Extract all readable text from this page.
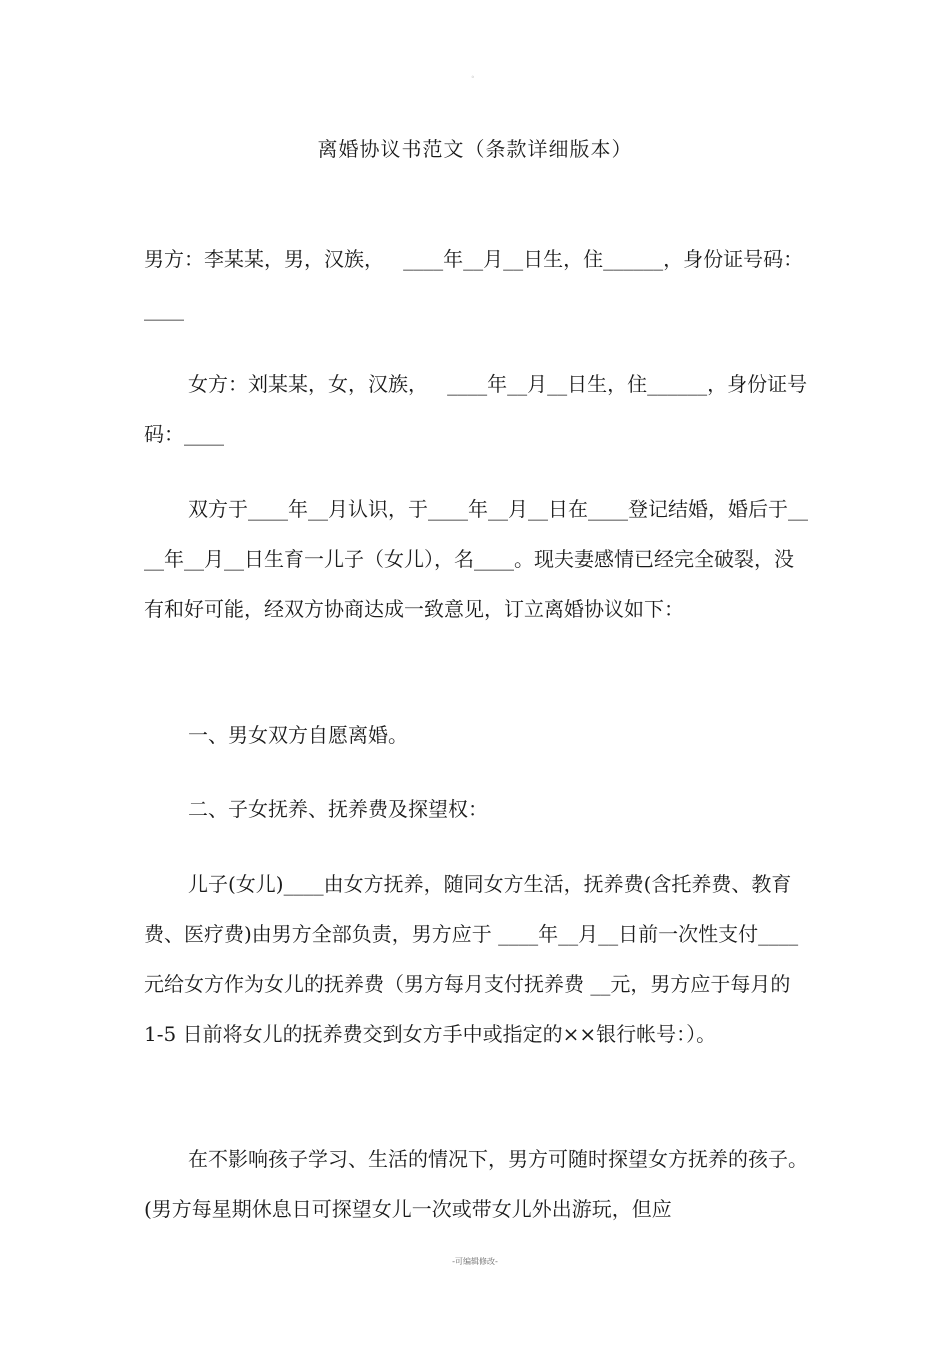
。
离婚协议书范文（条款详细版本）

男方：李某某，男，汉族，   ____年__月__日生，住______，身份证号码：____

女方：刘某某，女，汉族，   ____年__月__日生，住______，身份证号码：____

双方于____年__月认识，于____年__月__日在____登记结婚，婚后于____年__月__日生育一儿子（女儿），名____。现夫妻感情已经完全破裂，没有和好可能，经双方协商达成一致意见，订立离婚协议如下：

一、男女双方自愿离婚。

二、子女抚养、抚养费及探望权：

儿子(女儿)____由女方抚养，随同女方生活，抚养费(含托养费、教育费、医疗费)由男方全部负责，男方应于 ____年__月__日前一次性支付____元给女方作为女儿的抚养费（男方每月支付抚养费 __元，男方应于每月的 1-5 日前将女儿的抚养费交到女方手中或指定的××银行帐号：）。

在不影响孩子学习、生活的情况下，男方可随时探望女方抚养的孩子。(男方每星期休息日可探望女儿一次或带女儿外出游玩，但应

-可编辑修改-
